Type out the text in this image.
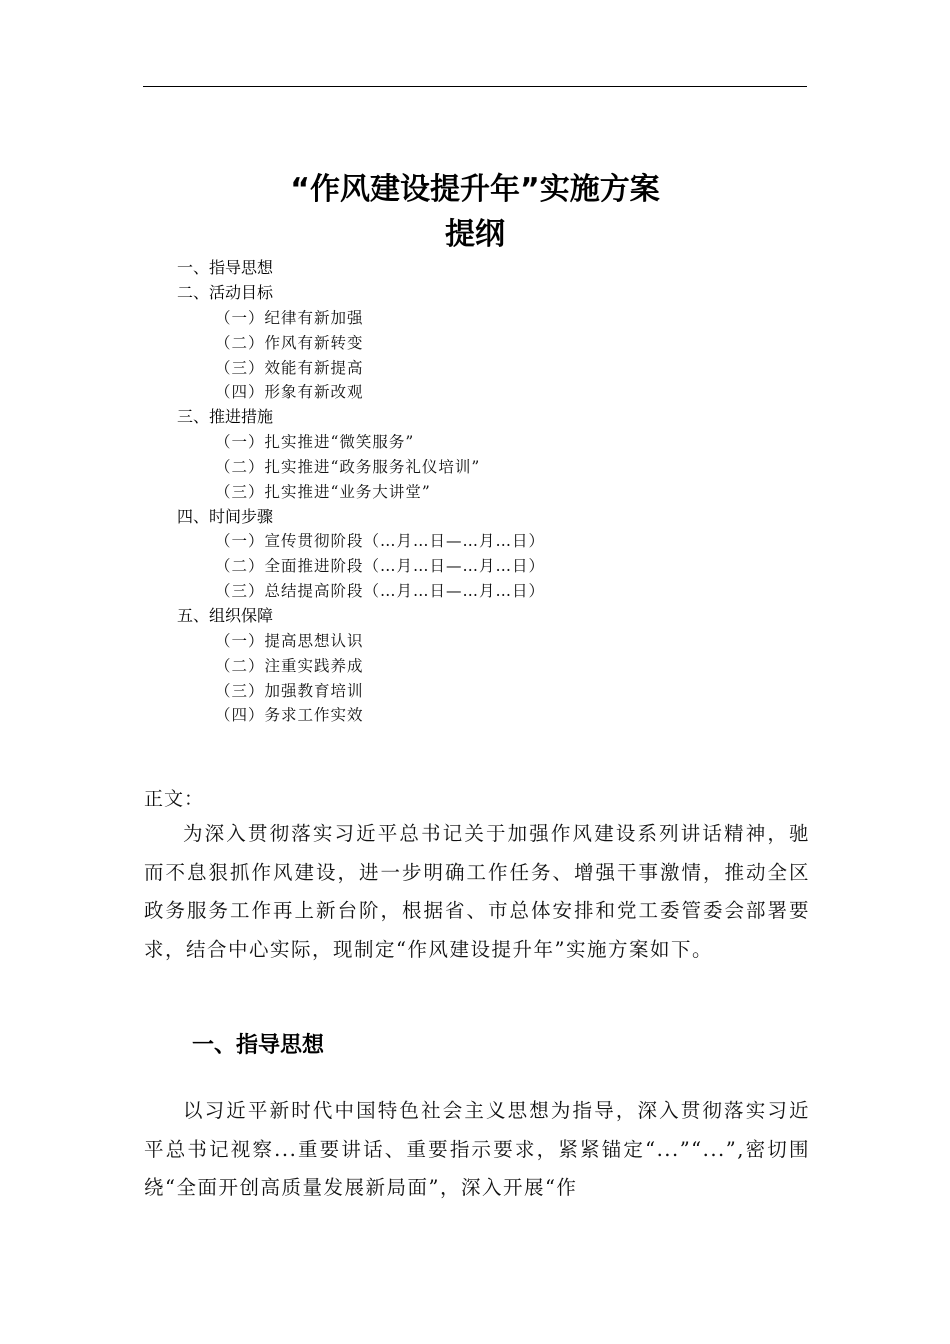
“作风建设提升年”实施方案
提纲
一、指导思想
二、活动目标
（一）纪律有新加强
（二）作风有新转变
（三）效能有新提高
（四）形象有新改观
三、推进措施
（一）扎实推进“微笑服务”
（二）扎实推进“政务服务礼仪培训”
（三）扎实推进“业务大讲堂”
四、时间步骤
（一）宣传贯彻阶段（…月…日—…月…日）
（二）全面推进阶段（…月…日—…月…日）
（三）总结提高阶段（…月…日—…月…日）
五、组织保障
（一）提高思想认识
（二）注重实践养成
（三）加强教育培训
（四）务求工作实效
正文：

为深入贯彻落实习近平总书记关于加强作风建设系列讲话精神，驰而不息狠抓作风建设，进一步明确工作任务、增强干事激情，推动全区政务服务工作再上新台阶，根据省、市总体安排和党工委管委会部署要求，结合中心实际，现制定“作风建设提升年”实施方案如下。

一、指导思想

以习近平新时代中国特色社会主义思想为指导，深入贯彻落实习近平总书记视察...重要讲话、重要指示要求，紧紧锚定“...”“...”,密切围绕“全面开创高质量发展新局面”，深入开展“作
